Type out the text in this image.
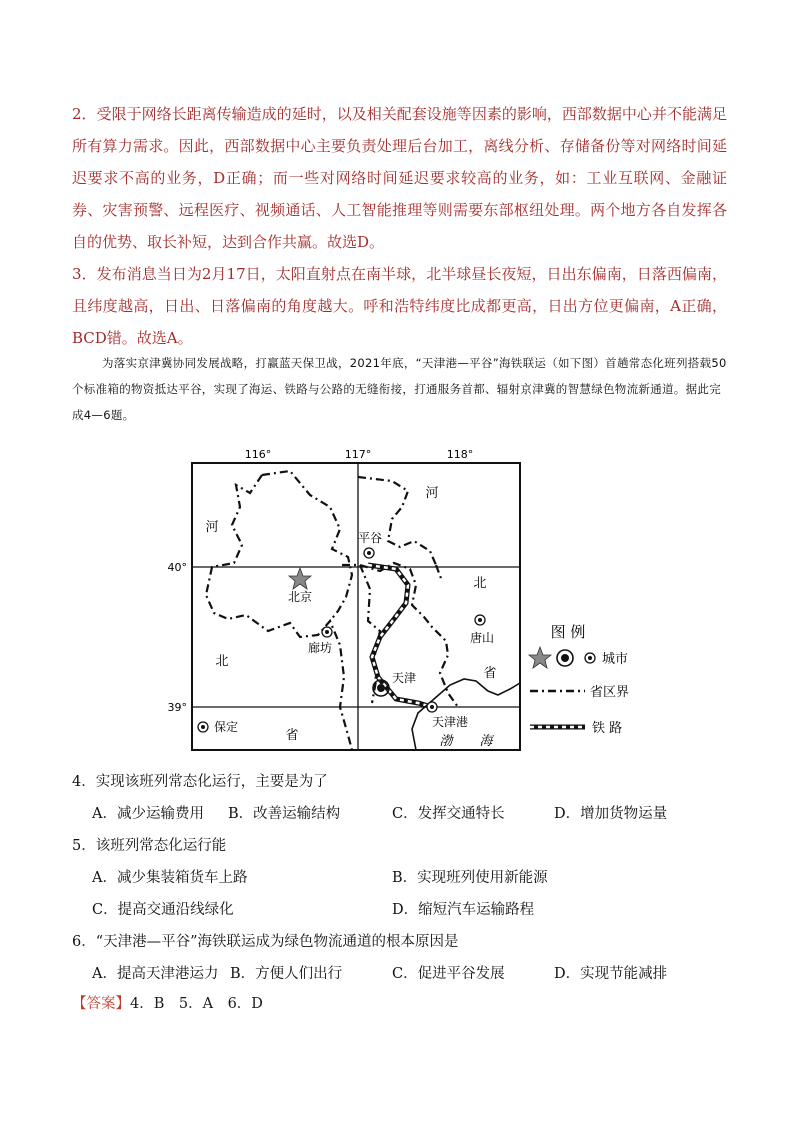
2．受限于网络长距离传输造成的延时，以及相关配套设施等因素的影响，西部数据中心并不能满足所有算力需求。因此，西部数据中心主要负责处理后台加工，离线分析、存储备份等对网络时间延迟要求不高的业务，D正确；而一些对网络时间延迟要求较高的业务，如：工业互联网、金融证券、灾害预警、远程医疗、视频通话、人工智能推理等则需要东部枢纽处理。两个地方各自发挥各自的优势、取长补短，达到合作共赢。故选D。

3．发布消息当日为2月17日，太阳直射点在南半球，北半球昼长夜短，日出东偏南，日落西偏南，且纬度越高，日出、日落偏南的角度越大。呼和浩特纬度比成都更高，日出方位更偏南，A正确，BCD错。故选A。

为落实京津冀协同发展战略，打赢蓝天保卫战，2021年底，“天津港—平谷”海铁联运（如下图）首趟常态化班列搭载50个标准箱的物资抵达平谷，实现了海运、铁路与公路的无缝衔接，打通服务首都、辐射京津冀的智慧绿色物流新通道。据此完成4—6题。

116°	117°	118°
40°
39°
河
北
省
河
北
省	渤 海
平谷
北京
廊坊
唐山
天津
天津港
保定
图 例
城市
省区界
铁 路

4．实现该班列常态化运行，主要是为了

A．减少运输费用 B．改善运输结构	C．发挥交通特长	D．增加货物运量

5．该班列常态化运行能

A．减少集装箱货车上路	B．实现班列使用新能源
C．提高交通沿线绿化	D．缩短汽车运输路程

6．“天津港—平谷”海铁联运成为绿色物流通道的根本原因是

A．提高天津港运力 B．方便人们出行	C．促进平谷发展	D．实现节能减排
【答案】4．B　5．A　6．D
